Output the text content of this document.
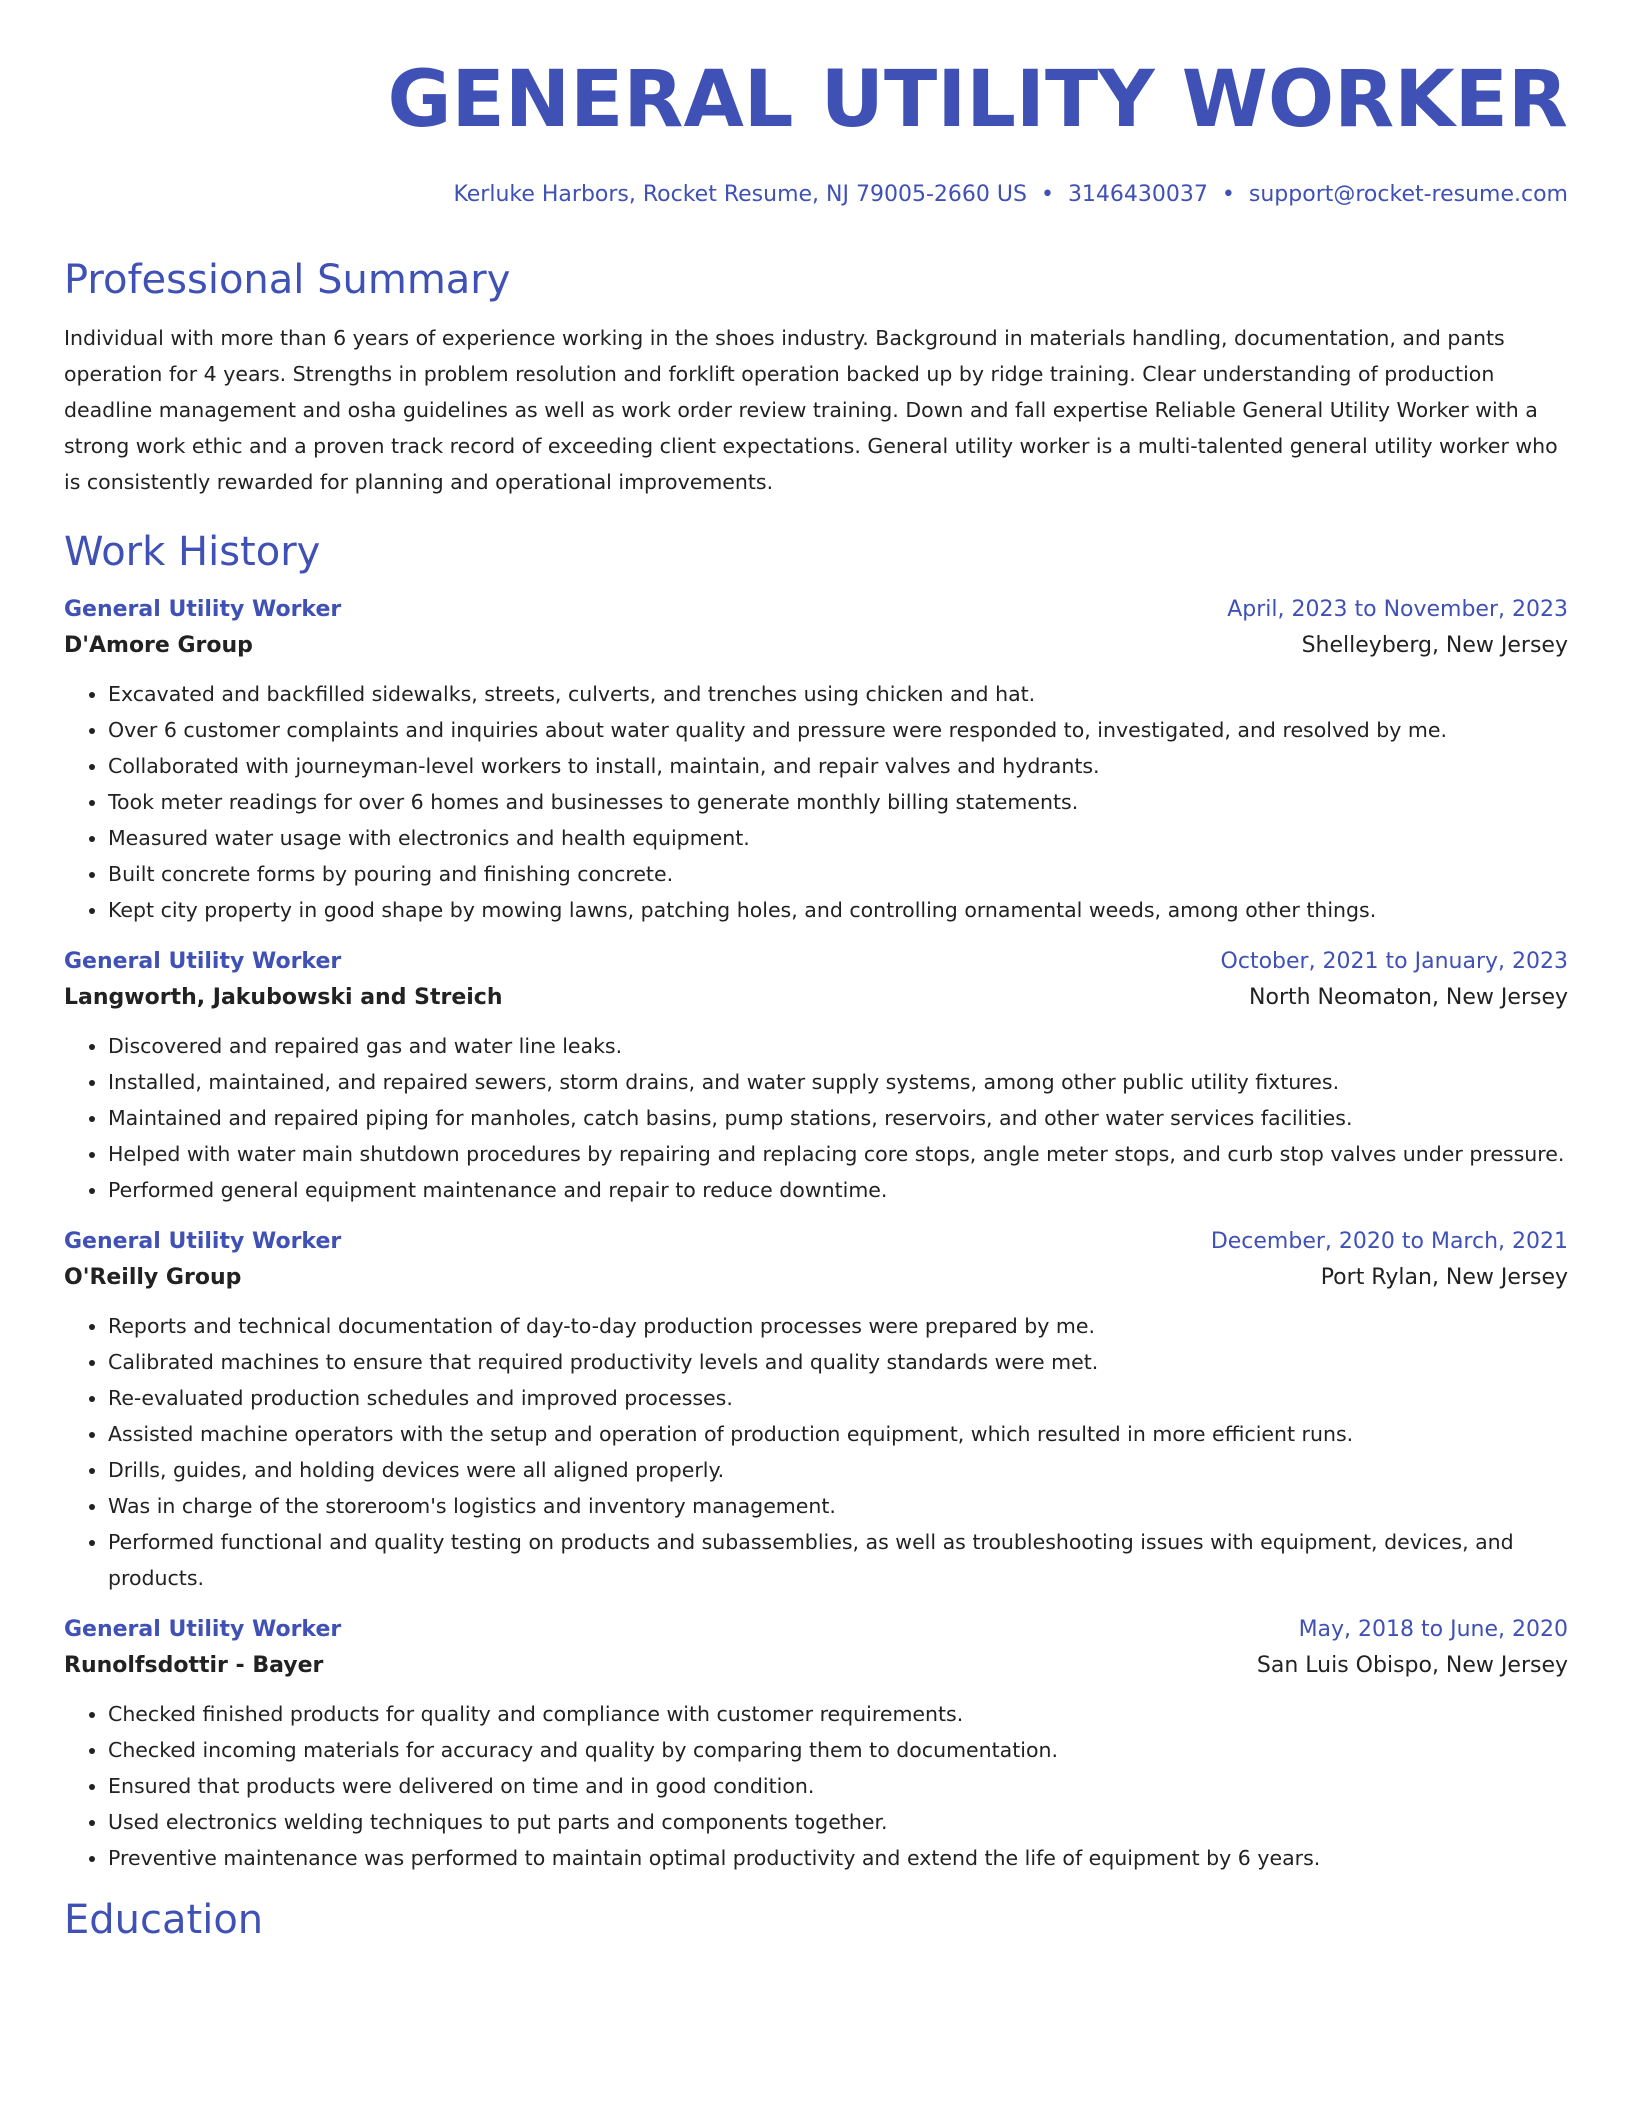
GENERAL UTILITY WORKER
Kerluke Harbors, Rocket Resume, NJ 79005-2660 US • 3146430037 • support@rocket-resume.com
Professional Summary
Individual with more than 6 years of experience working in the shoes industry. Background in materials handling, documentation, and pants operation for 4 years. Strengths in problem resolution and forklift operation backed up by ridge training. Clear understanding of production deadline management and osha guidelines as well as work order review training. Down and fall expertise Reliable General Utility Worker with a strong work ethic and a proven track record of exceeding client expectations. General utility worker is a multi-talented general utility worker who is consistently rewarded for planning and operational improvements.
Work History
General Utility Worker	April, 2023 to November, 2023
D'Amore Group	Shelleyberg, New Jersey
• Excavated and backfilled sidewalks, streets, culverts, and trenches using chicken and hat.
• Over 6 customer complaints and inquiries about water quality and pressure were responded to, investigated, and resolved by me.
• Collaborated with journeyman-level workers to install, maintain, and repair valves and hydrants.
• Took meter readings for over 6 homes and businesses to generate monthly billing statements.
• Measured water usage with electronics and health equipment.
• Built concrete forms by pouring and finishing concrete.
• Kept city property in good shape by mowing lawns, patching holes, and controlling ornamental weeds, among other things.
General Utility Worker	October, 2021 to January, 2023
Langworth, Jakubowski and Streich	North Neomaton, New Jersey
• Discovered and repaired gas and water line leaks.
• Installed, maintained, and repaired sewers, storm drains, and water supply systems, among other public utility fixtures.
• Maintained and repaired piping for manholes, catch basins, pump stations, reservoirs, and other water services facilities.
• Helped with water main shutdown procedures by repairing and replacing core stops, angle meter stops, and curb stop valves under pressure.
• Performed general equipment maintenance and repair to reduce downtime.
General Utility Worker	December, 2020 to March, 2021
O'Reilly Group	Port Rylan, New Jersey
• Reports and technical documentation of day-to-day production processes were prepared by me.
• Calibrated machines to ensure that required productivity levels and quality standards were met.
• Re-evaluated production schedules and improved processes.
• Assisted machine operators with the setup and operation of production equipment, which resulted in more efficient runs.
• Drills, guides, and holding devices were all aligned properly.
• Was in charge of the storeroom's logistics and inventory management.
• Performed functional and quality testing on products and subassemblies, as well as troubleshooting issues with equipment, devices, and products.
General Utility Worker	May, 2018 to June, 2020
Runolfsdottir - Bayer	San Luis Obispo, New Jersey
• Checked finished products for quality and compliance with customer requirements.
• Checked incoming materials for accuracy and quality by comparing them to documentation.
• Ensured that products were delivered on time and in good condition.
• Used electronics welding techniques to put parts and components together.
• Preventive maintenance was performed to maintain optimal productivity and extend the life of equipment by 6 years.
Education
